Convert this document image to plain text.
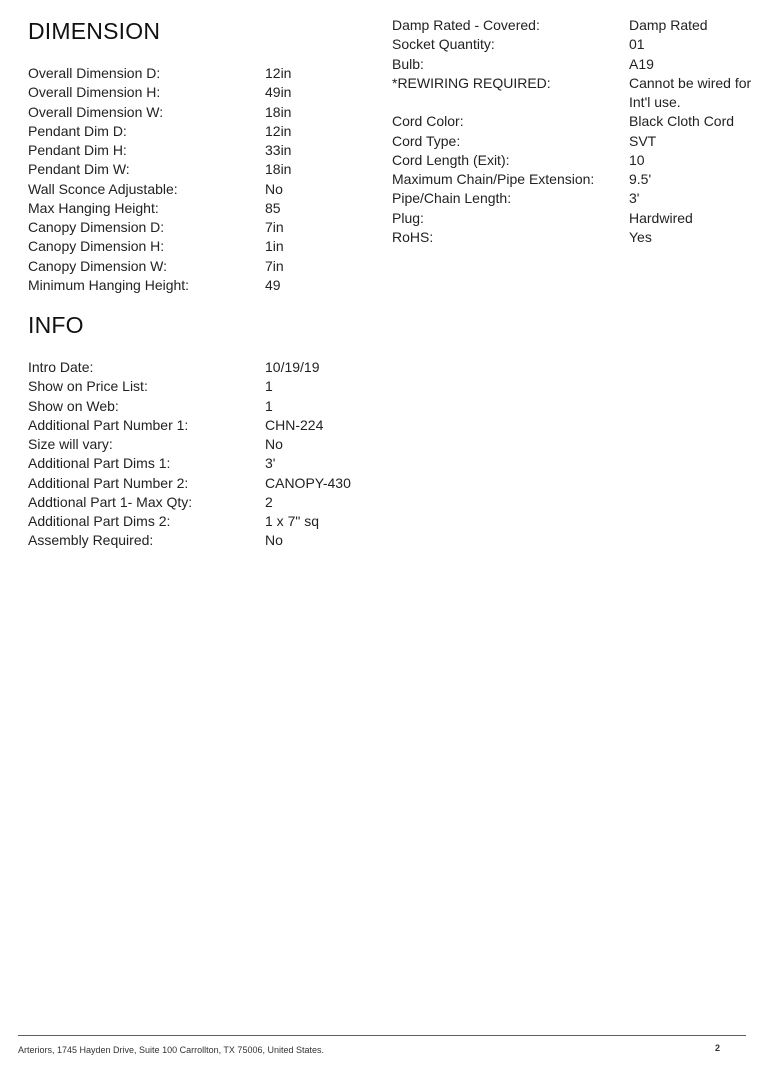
DIMENSION
Overall Dimension D:	12in
Overall Dimension H:	49in
Overall Dimension W:	18in
Pendant Dim D:	12in
Pendant Dim H:	33in
Pendant Dim W:	18in
Wall Sconce Adjustable:	No
Max Hanging Height:	85
Canopy Dimension D:	7in
Canopy Dimension H:	1in
Canopy Dimension W:	7in
Minimum Hanging Height:	49
INFO
Intro Date:	10/19/19
Show on Price List:	1
Show on Web:	1
Additional Part Number 1:	CHN-224
Size will vary:	No
Additional Part Dims 1:	3'
Additional Part Number 2:	CANOPY-430
Addtional Part 1- Max Qty:	2
Additional Part Dims 2:	1 x 7" sq
Assembly Required:	No
Damp Rated - Covered:	Damp Rated
Socket Quantity:	01
Bulb:	A19
*REWIRING REQUIRED:	Cannot be wired for Int'l use.
Cord Color:	Black Cloth Cord
Cord Type:	SVT
Cord Length (Exit):	10
Maximum Chain/Pipe Extension:	9.5'
Pipe/Chain Length:	3'
Plug:	Hardwired
RoHS:	Yes
Arteriors, 1745 Hayden Drive, Suite 100 Carrollton, TX 75006, United States.	2
